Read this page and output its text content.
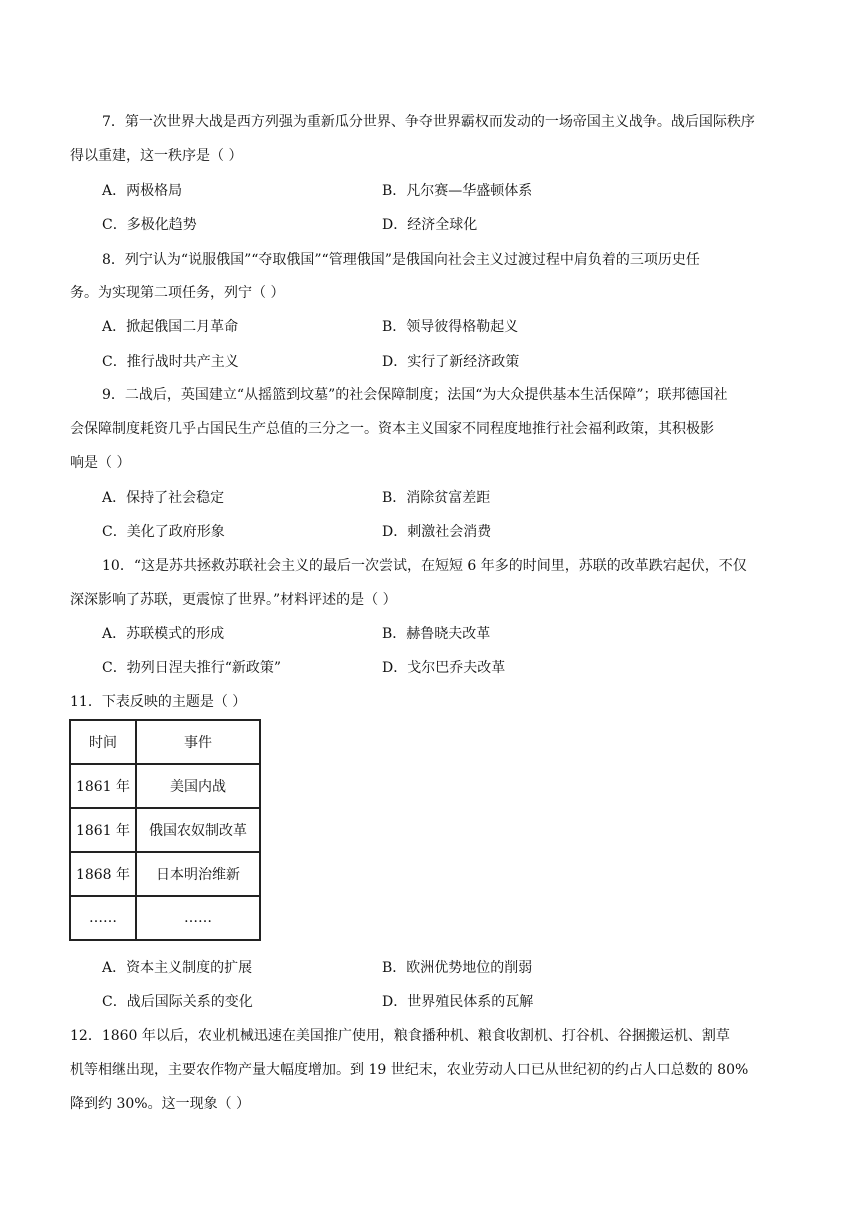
7．第一次世界大战是西方列强为重新瓜分世界、争夺世界霸权而发动的一场帝国主义战争。战后国际秩序
得以重建，这一秩序是（ ）
A．两极格局	B．凡尔赛—华盛顿体系
C．多极化趋势	D．经济全球化
8．列宁认为“说服俄国”“夺取俄国”“管理俄国”是俄国向社会主义过渡过程中肩负着的三项历史任
务。为实现第二项任务，列宁（ ）
A．掀起俄国二月革命	B．领导彼得格勒起义
C．推行战时共产主义	D．实行了新经济政策
9．二战后，英国建立“从摇篮到坟墓”的社会保障制度；法国“为大众提供基本生活保障”；联邦德国社
会保障制度耗资几乎占国民生产总值的三分之一。资本主义国家不同程度地推行社会福利政策，其积极影
响是（ ）
A．保持了社会稳定	B．消除贫富差距
C．美化了政府形象	D．刺激社会消费
10．“这是苏共拯救苏联社会主义的最后一次尝试，在短短 6 年多的时间里，苏联的改革跌宕起伏，不仅
深深影响了苏联，更震惊了世界。”材料评述的是（ ）
A．苏联模式的形成	B．赫鲁晓夫改革
C．勃列日涅夫推行“新政策”	D．戈尔巴乔夫改革
11．下表反映的主题是（ ）
时间	事件
1861 年	美国内战
1861 年	俄国农奴制改革
1868 年	日本明治维新
……	……
A．资本主义制度的扩展	B．欧洲优势地位的削弱
C．战后国际关系的变化	D．世界殖民体系的瓦解
12．1860 年以后，农业机械迅速在美国推广使用，粮食播种机、粮食收割机、打谷机、谷捆搬运机、割草
机等相继出现，主要农作物产量大幅度增加。到 19 世纪末，农业劳动人口已从世纪初的约占人口总数的 80%
降到约 30%。这一现象（ ）
